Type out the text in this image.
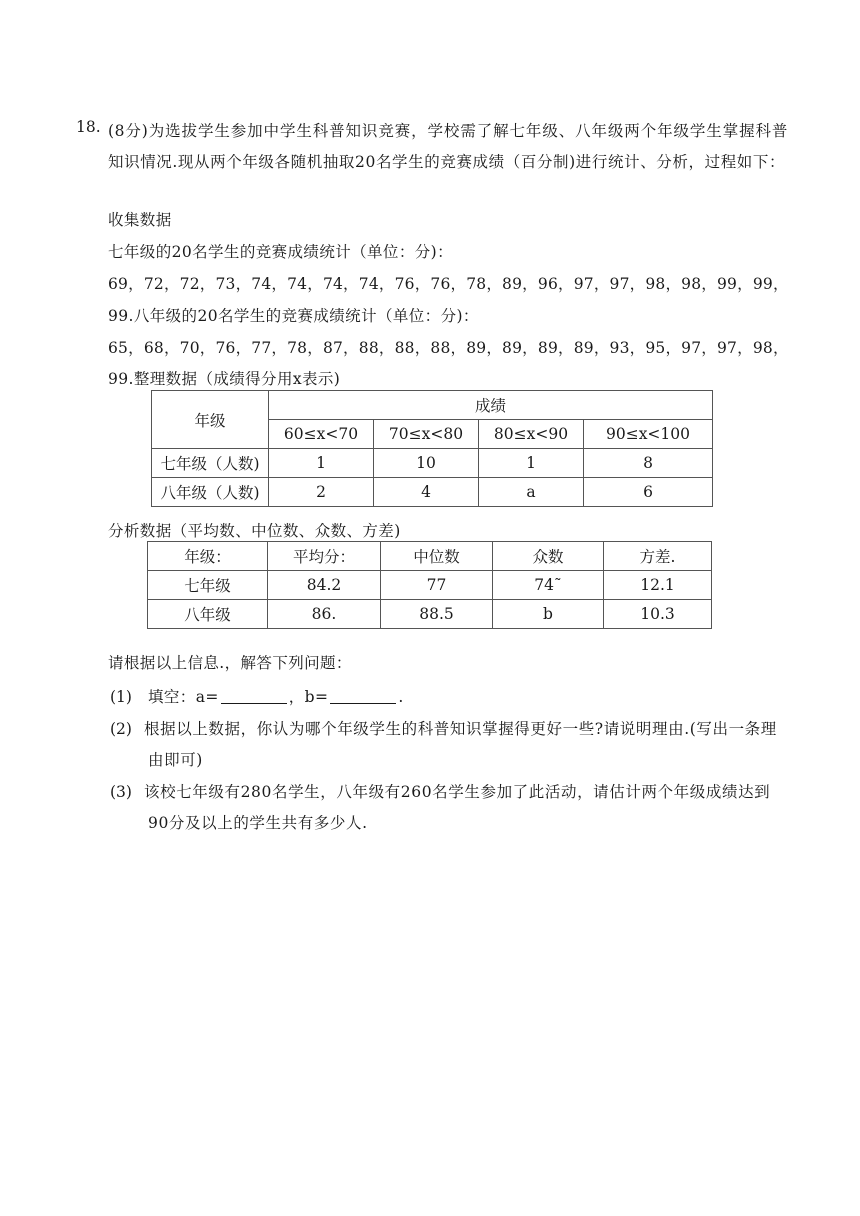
18. (8分)为选拔学生参加中学生科普知识竞赛，学校需了解七年级、八年级两个年级学生掌握科普知识情况.现从两个年级各随机抽取20名学生的竞赛成绩（百分制)进行统计、分析，过程如下：
收集数据
七年级的20名学生的竞赛成绩统计（单位：分)：
69，72，72，73，74，74，74，74，76，76，78，89，96，97，97，98，98，99，99，
99.八年级的20名学生的竞赛成绩统计（单位：分)：
65，68，70，76，77，78，87，88，88，88，89，89，89，89，93，95，97，97，98，
99.整理数据（成绩得分用x表示)
年级	成绩			
	60≤x<70	70≤x<80	80≤x<90	90≤x<100
七年级（人数)	1	10	1	8
八年级（人数)	2	4	a	6
分析数据（平均数、中位数、众数、方差)
年级：	平均分：	中位数	众数	方差.
七年级	84.2	77	74˜	12.1
八年级	86.	88.5	b	10.3
请根据以上信息.，解答下列问题：
(1) 填空：a=	，b=	.
(2) 根据以上数据，你认为哪个年级学生的科普知识掌握得更好一些?请说明理由.(写出一条理由即可)
(3) 该校七年级有280名学生，八年级有260名学生参加了此活动，请估计两个年级成绩达到90分及以上的学生共有多少人.
